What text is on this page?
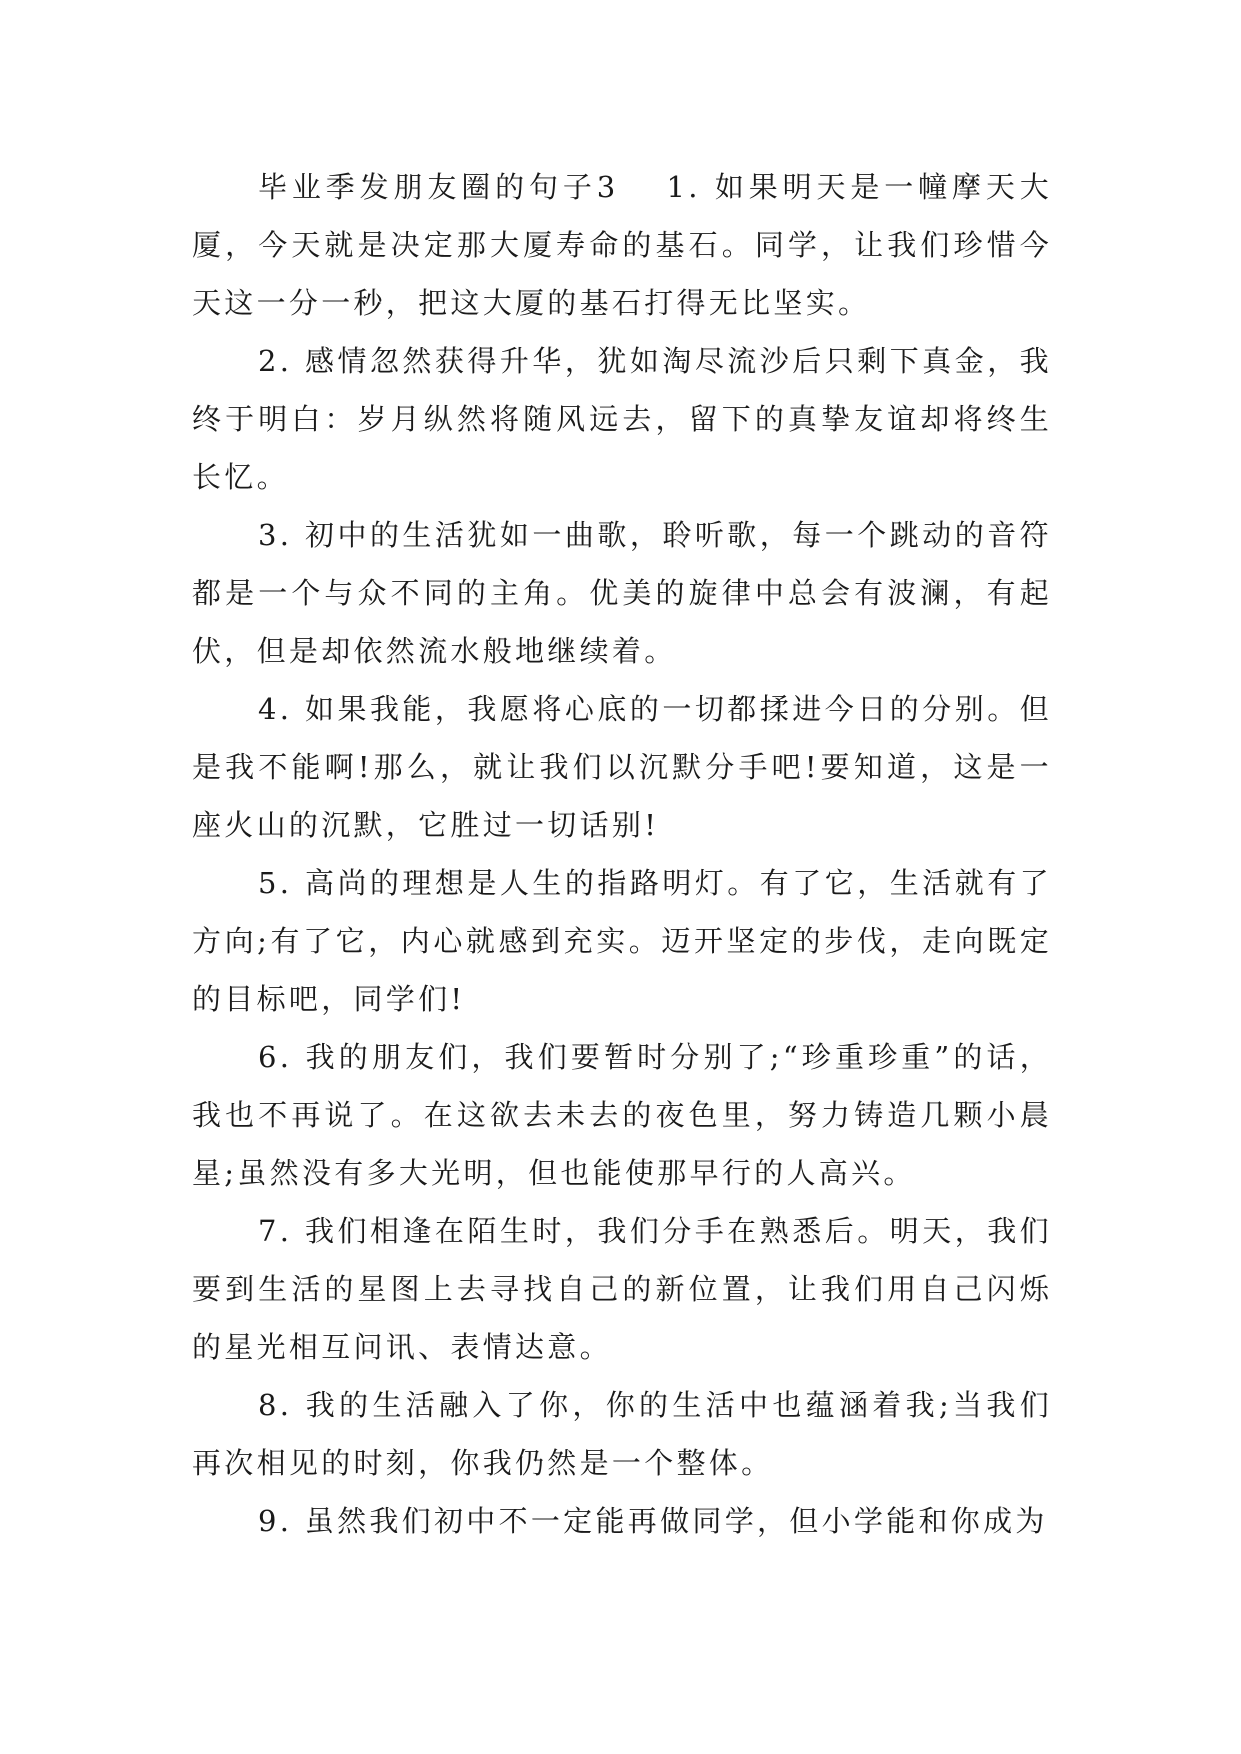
毕业季发朋友圈的句子3 1. 如果明天是一幢摩天大厦，今天就是决定那大厦寿命的基石。同学，让我们珍惜今天这一分一秒，把这大厦的基石打得无比坚实。

2. 感情忽然获得升华，犹如淘尽流沙后只剩下真金，我终于明白：岁月纵然将随风远去，留下的真挚友谊却将终生长忆。

3. 初中的生活犹如一曲歌，聆听歌，每一个跳动的音符都是一个与众不同的主角。优美的旋律中总会有波澜，有起伏，但是却依然流水般地继续着。

4. 如果我能，我愿将心底的一切都揉进今日的分别。但是我不能啊!那么，就让我们以沉默分手吧!要知道，这是一座火山的沉默，它胜过一切话别!

5. 高尚的理想是人生的指路明灯。有了它，生活就有了方向;有了它，内心就感到充实。迈开坚定的步伐，走向既定的目标吧，同学们!

6. 我的朋友们，我们要暂时分别了;“珍重珍重”的话，我也不再说了。在这欲去未去的夜色里，努力铸造几颗小晨星;虽然没有多大光明，但也能使那早行的人高兴。

7. 我们相逢在陌生时，我们分手在熟悉后。明天，我们要到生活的星图上去寻找自己的新位置，让我们用自己闪烁的星光相互问讯、表情达意。

8. 我的生活融入了你，你的生活中也蕴涵着我;当我们再次相见的时刻，你我仍然是一个整体。

9. 虽然我们初中不一定能再做同学，但小学能和你成为
